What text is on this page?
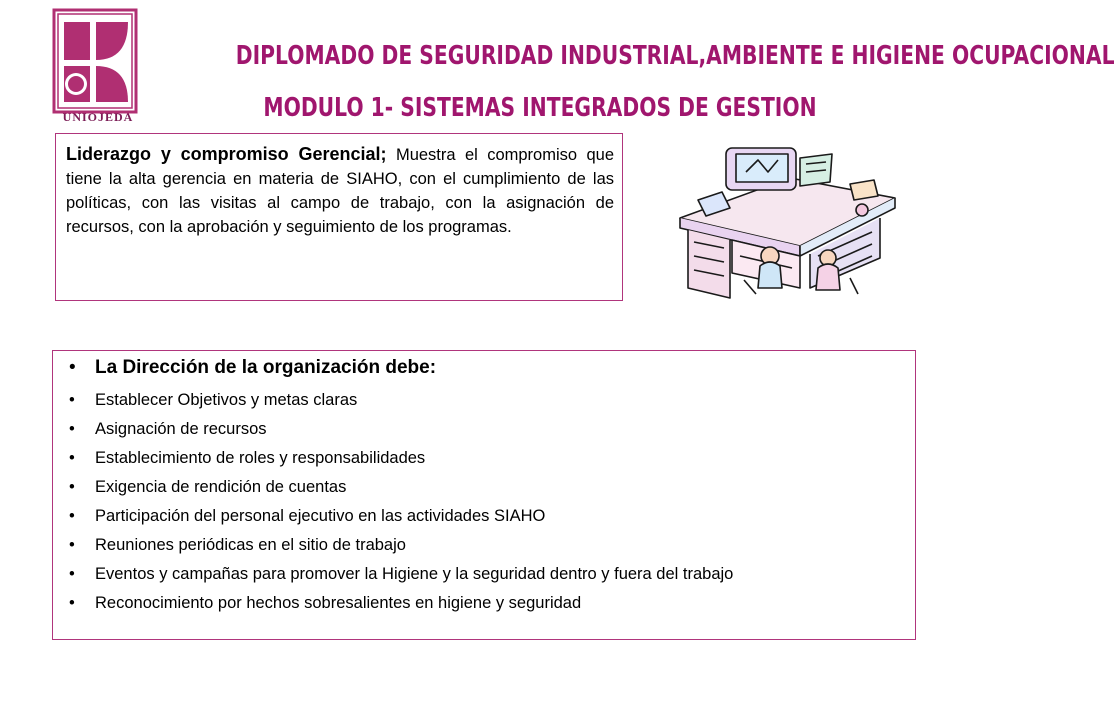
UNIOJEDA
DIPLOMADO DE SEGURIDAD INDUSTRIAL,AMBIENTE E HIGIENE OCUPACIONAL
MODULO 1- SISTEMAS INTEGRADOS DE GESTION
Liderazgo y compromiso Gerencial; Muestra el compromiso que tiene la alta gerencia en materia de SIAHO, con el cumplimiento de las políticas, con las visitas al campo de trabajo, con la asignación de recursos, con la aprobación y seguimiento de los programas.
• La Dirección de la organización debe:
• Establecer Objetivos y metas claras
• Asignación de recursos
• Establecimiento de roles y responsabilidades
• Exigencia de rendición de cuentas
• Participación del personal ejecutivo en las actividades SIAHO
• Reuniones periódicas en el sitio de trabajo
• Eventos y campañas para promover la Higiene y la seguridad dentro y fuera del trabajo
• Reconocimiento por hechos sobresalientes en higiene y seguridad
